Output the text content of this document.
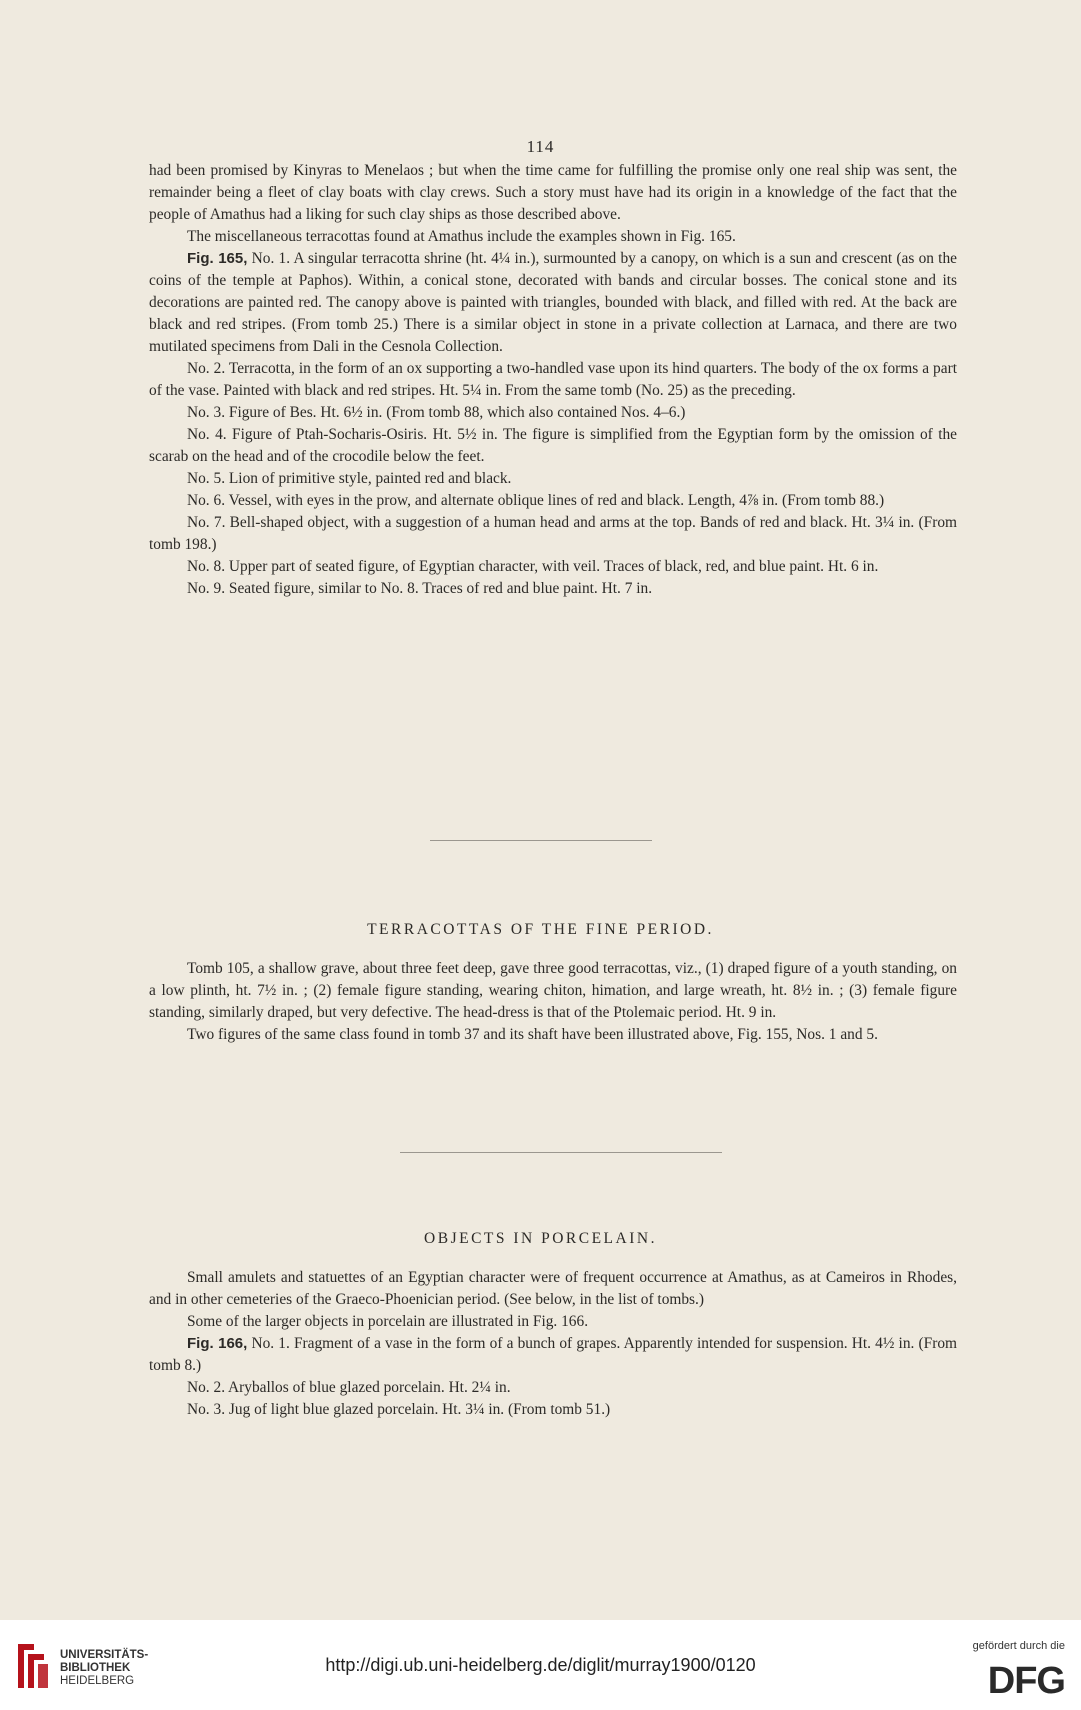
114

had been promised by Kinyras to Menelaos ; but when the time came for fulfilling the promise only one real ship was sent, the remainder being a fleet of clay boats with clay crews. Such a story must have had its origin in a knowledge of the fact that the people of Amathus had a liking for such clay ships as those described above.

The miscellaneous terracottas found at Amathus include the examples shown in Fig. 165.

Fig. 165, No. 1. A singular terracotta shrine (ht. 4¼ in.), surmounted by a canopy, on which is a sun and crescent (as on the coins of the temple at Paphos). Within, a conical stone, decorated with bands and circular bosses. The conical stone and its decorations are painted red. The canopy above is painted with triangles, bounded with black, and filled with red. At the back are black and red stripes. (From tomb 25.) There is a similar object in stone in a private collection at Larnaca, and there are two mutilated specimens from Dali in the Cesnola Collection.

No. 2. Terracotta, in the form of an ox supporting a two-handled vase upon its hind quarters. The body of the ox forms a part of the vase. Painted with black and red stripes. Ht. 5¼ in. From the same tomb (No. 25) as the preceding.

No. 3. Figure of Bes. Ht. 6½ in. (From tomb 88, which also contained Nos. 4–6.)

No. 4. Figure of Ptah-Socharis-Osiris. Ht. 5½ in. The figure is simplified from the Egyptian form by the omission of the scarab on the head and of the crocodile below the feet.

No. 5. Lion of primitive style, painted red and black.

No. 6. Vessel, with eyes in the prow, and alternate oblique lines of red and black. Length, 4⅞ in. (From tomb 88.)

No. 7. Bell-shaped object, with a suggestion of a human head and arms at the top. Bands of red and black. Ht. 3¼ in. (From tomb 198.)

No. 8. Upper part of seated figure, of Egyptian character, with veil. Traces of black, red, and blue paint. Ht. 6 in.

No. 9. Seated figure, similar to No. 8. Traces of red and blue paint. Ht. 7 in.

TERRACOTTAS OF THE FINE PERIOD.

Tomb 105, a shallow grave, about three feet deep, gave three good terracottas, viz., (1) draped figure of a youth standing, on a low plinth, ht. 7½ in. ; (2) female figure standing, wearing chiton, himation, and large wreath, ht. 8½ in. ; (3) female figure standing, similarly draped, but very defective. The head-dress is that of the Ptolemaic period. Ht. 9 in.

Two figures of the same class found in tomb 37 and its shaft have been illustrated above, Fig. 155, Nos. 1 and 5.

OBJECTS IN PORCELAIN.

Small amulets and statuettes of an Egyptian character were of frequent occurrence at Amathus, as at Cameiros in Rhodes, and in other cemeteries of the Graeco-Phoenician period. (See below, in the list of tombs.)

Some of the larger objects in porcelain are illustrated in Fig. 166.

Fig. 166, No. 1. Fragment of a vase in the form of a bunch of grapes. Apparently intended for suspension. Ht. 4½ in. (From tomb 8.)

No. 2. Aryballos of blue glazed porcelain. Ht. 2¼ in.

No. 3. Jug of light blue glazed porcelain. Ht. 3¼ in. (From tomb 51.)

UNIVERSITÄTS-
BIBLIOTHEK
HEIDELBERG
http://digi.ub.uni-heidelberg.de/diglit/murray1900/0120
gefördert durch die
DFG
